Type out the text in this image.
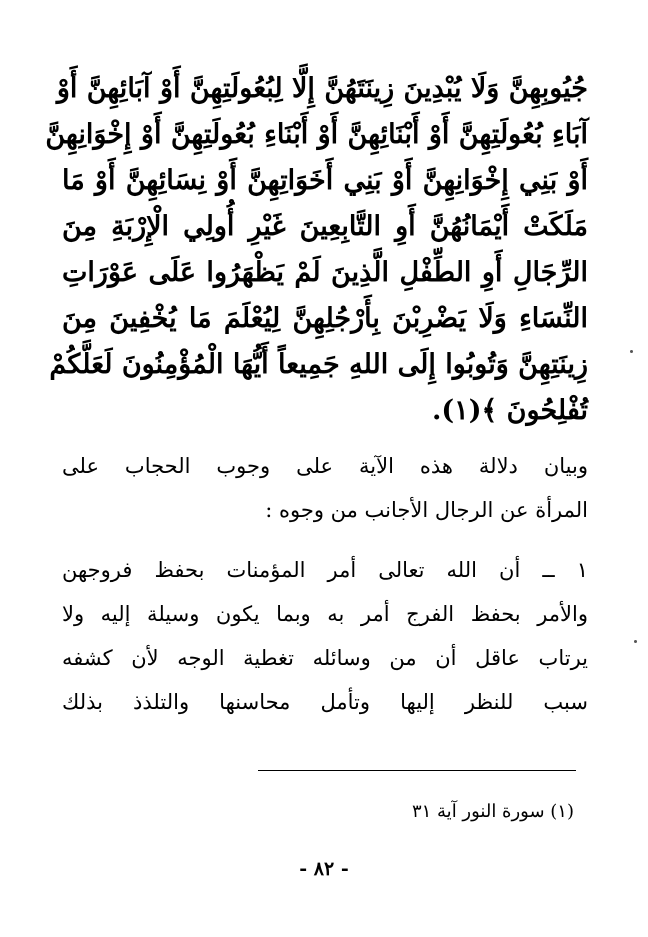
جُيُوبِهِنَّ وَلَا يُبْدِينَ زِينَتَهُنَّ إِلَّا لِبُعُولَتِهِنَّ أَوْ آبَائِهِنَّ أَوْ
آبَاءِ بُعُولَتِهِنَّ أَوْ أَبْنَائِهِنَّ أَوْ أَبْنَاءِ بُعُولَتِهِنَّ أَوْ إِخْوَانِهِنَّ
أَوْ بَنِي إِخْوَانِهِنَّ أَوْ بَنِي أَخَوَاتِهِنَّ أَوْ نِسَائِهِنَّ أَوْ مَا
مَلَكَتْ أَيْمَانُهُنَّ أَوِ التَّابِعِينَ غَيْرِ أُولِي الْإِرْبَةِ مِنَ
الرِّجَالِ أَوِ الطِّفْلِ الَّذِينَ لَمْ يَظْهَرُوا عَلَى عَوْرَاتِ
النِّسَاءِ وَلَا يَضْرِبْنَ بِأَرْجُلِهِنَّ لِيُعْلَمَ مَا يُخْفِينَ مِنَ
زِينَتِهِنَّ وَتُوبُوا إِلَى اللهِ جَمِيعاً أَيُّهَا الْمُؤْمِنُونَ لَعَلَّكُمْ
تُفْلِحُونَ ﴾(١).
وبيان دلالة هذه الآية على وجوب الحجاب على
المرأة عن الرجال الأجانب من وجوه :
١ ــ أن الله تعالى أمر المؤمنات بحفظ فروجهن
والأمر بحفظ الفرج أمر به وبما يكون وسيلة إليه ولا
يرتاب عاقل أن من وسائله تغطية الوجه لأن كشفه
سبب للنظر إليها وتأمل محاسنها والتلذذ بذلك
(١) سورة النور آية ٣١
- ٨٢ -
